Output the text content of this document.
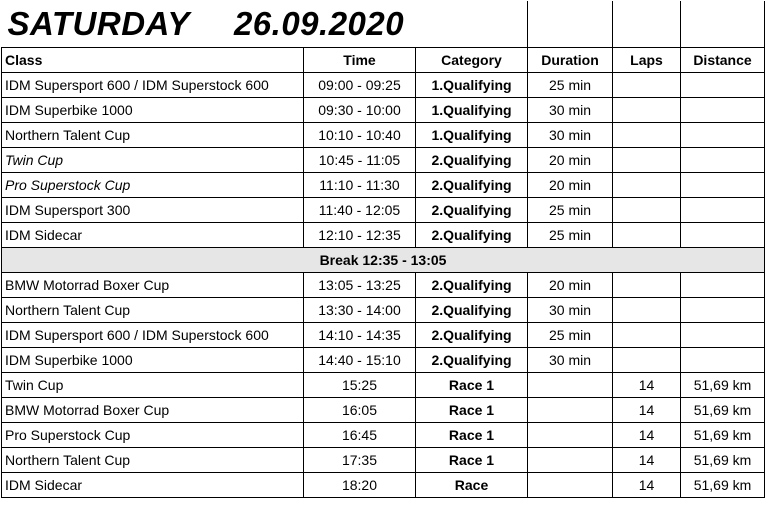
SATURDAY 26.09.2020					
Class	Time	Category	Duration	Laps	Distance
IDM Supersport 600 / IDM Superstock 600	09:00 - 09:25	1.Qualifying	25 min		
IDM Superbike 1000	09:30 - 10:00	1.Qualifying	30 min		
Northern Talent Cup	10:10 - 10:40	1.Qualifying	30 min		
Twin Cup	10:45 - 11:05	2.Qualifying	20 min		
Pro Superstock Cup	11:10 - 11:30	2.Qualifying	20 min		
IDM Supersport 300	11:40 - 12:05	2.Qualifying	25 min		
IDM Sidecar	12:10 - 12:35	2.Qualifying	25 min		
Break 12:35 - 13:05					
BMW Motorrad Boxer Cup	13:05 - 13:25	2.Qualifying	20 min		
Northern Talent Cup	13:30 - 14:00	2.Qualifying	30 min		
IDM Supersport 600 / IDM Superstock 600	14:10 - 14:35	2.Qualifying	25 min		
IDM Superbike 1000	14:40 - 15:10	2.Qualifying	30 min		
Twin Cup	15:25	Race 1		14	51,69 km
BMW Motorrad Boxer Cup	16:05	Race 1		14	51,69 km
Pro Superstock Cup	16:45	Race 1		14	51,69 km
Northern Talent Cup	17:35	Race 1		14	51,69 km
IDM Sidecar	18:20	Race		14	51,69 km
